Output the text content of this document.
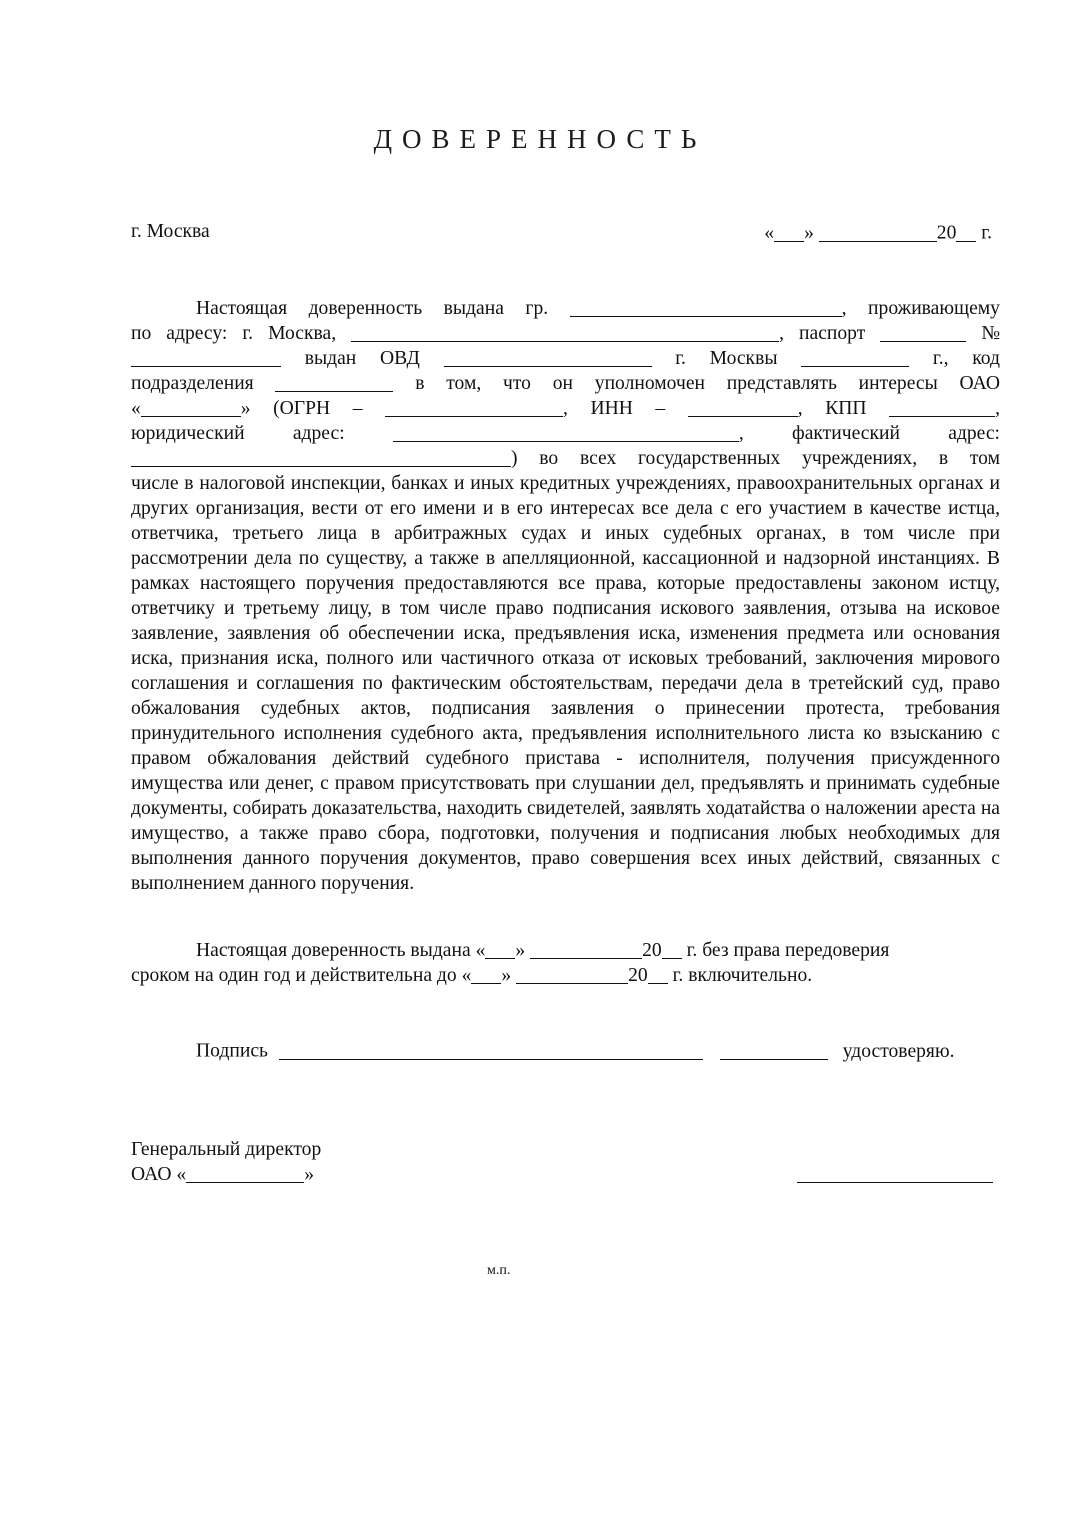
ДОВЕРЕННОСТЬ
г. Москва	« »	20 г.

Настоящая доверенность выдана гр.	, проживающему

по адресу: г. Москва,	, паспорт	№
выдан ОВД	г. Москвы	г., код
подразделения	в том, что он уполномочен представлять интересы ОАО
«	» (ОГРН –	, ИНН –	, КПП	,
юридический адрес:	, фактический адрес:
) во всех государственных учреждениях, в том
числе в налоговой инспекции, банках и иных кредитных учреждениях, правоохранительных органах и других организация, вести от его имени и в его интересах все дела с его участием в качестве истца, ответчика, третьего лица в арбитражных судах и иных судебных органах, в том числе при рассмотрении дела по существу, а также в апелляционной, кассационной и надзорной инстанциях. В рамках настоящего поручения предоставляются все права, которые предоставлены законом истцу, ответчику и третьему лицу, в том числе право подписания искового заявления, отзыва на исковое заявление, заявления об обеспечении иска, предъявления иска, изменения предмета или основания иска, признания иска, полного или частичного отказа от исковых требований, заключения мирового соглашения и соглашения по фактическим обстоятельствам, передачи дела в третейский суд, право обжалования судебных актов, подписания заявления о принесении протеста, требования принудительного исполнения судебного акта, предъявления исполнительного листа ко взысканию с правом обжалования действий судебного пристава - исполнителя, получения присужденного имущества или денег, с правом присутствовать при слушании дел, предъявлять и принимать судебные документы, собирать доказательства, находить свидетелей, заявлять ходатайства о наложении ареста на имущество, а также право сбора, подготовки, получения и подписания любых необходимых для выполнения данного поручения документов, право совершения всех иных действий, связанных с выполнением данного поручения.

Настоящая доверенность выдана « »	20 г. без права передоверия

сроком на один год и действительна до « »	20 г. включительно.
Подпись	удостоверяю.
Генеральный директор
ОАО «	»
м.п.
